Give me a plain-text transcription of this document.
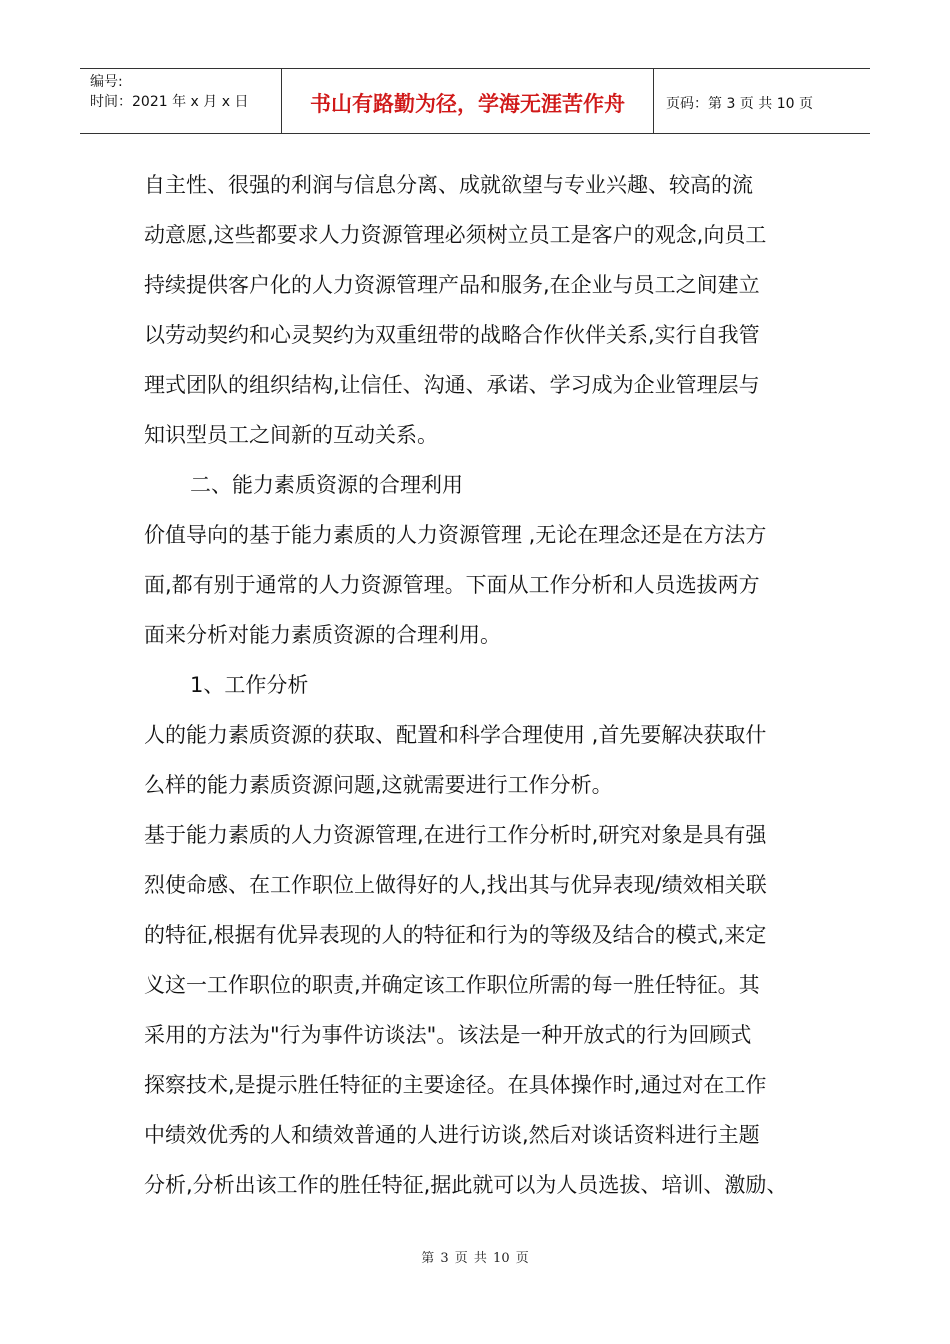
编号:
时间：2021 年 x 月 x 日	书山有路勤为径，学海无涯苦作舟	页码：第 3 页 共 10 页
自主性、很强的利润与信息分离、成就欲望与专业兴趣、较高的流
动意愿,这些都要求人力资源管理必须树立员工是客户的观念,向员工
持续提供客户化的人力资源管理产品和服务,在企业与员工之间建立
以劳动契约和心灵契约为双重纽带的战略合作伙伴关系,实行自我管
理式团队的组织结构,让信任、沟通、承诺、学习成为企业管理层与
知识型员工之间新的互动关系。
二、能力素质资源的合理利用
价值导向的基于能力素质的人力资源管理 ,无论在理念还是在方法方
面,都有别于通常的人力资源管理。下面从工作分析和人员选拔两方
面来分析对能力素质资源的合理利用。
1、工作分析
人的能力素质资源的获取、配置和科学合理使用 ,首先要解决获取什
么样的能力素质资源问题,这就需要进行工作分析。
基于能力素质的人力资源管理,在进行工作分析时,研究对象是具有强
烈使命感、在工作职位上做得好的人,找出其与优异表现/绩效相关联
的特征,根据有优异表现的人的特征和行为的等级及结合的模式,来定
义这一工作职位的职责,并确定该工作职位所需的每一胜任特征。其
采用的方法为"行为事件访谈法"。该法是一种开放式的行为回顾式
探察技术,是提示胜任特征的主要途径。在具体操作时,通过对在工作
中绩效优秀的人和绩效普通的人进行访谈,然后对谈话资料进行主题
分析,分析出该工作的胜任特征,据此就可以为人员选拔、培训、激励、
第 3 页 共 10 页
